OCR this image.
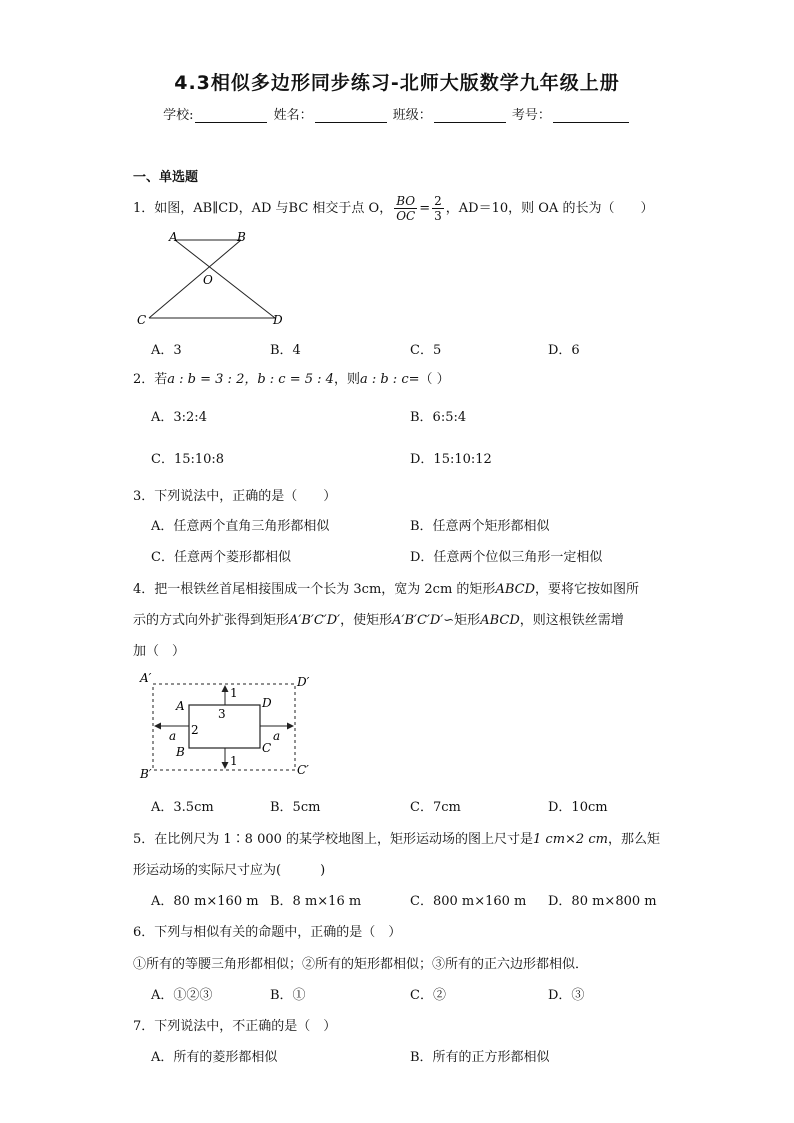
4.3相似多边形同步练习-北师大版数学九年级上册
学校:	姓名：	班级：	考号：
一、单选题
1．如图，AB∥CD，AD 与BC 相交于点 O， $\frac{BO}{OC} = \frac{2}{3}$ ，AD＝10，则 OA 的长为（　　）
A	B
O
C	D
A．3	B．4	C．5	D．6
2．若a : b = 3 : 2，b : c = 5 : 4，则a : b : c=（ ）
A．3:2:4	B．6:5:4
C．15:10:8	D．15:10:12
3．下列说法中，正确的是（　　）
A．任意两个直角三角形都相似	B．任意两个矩形都相似
C．任意两个菱形都相似	D．任意两个位似三角形一定相似
4．把一根铁丝首尾相接围成一个长为 3cm，宽为 2cm 的矩形ABCD，要将它按如图所
示的方式向外扩张得到矩形A′B′C′D′，使矩形A′B′C′D′∽矩形ABCD，则这根铁丝需增
加（　）
A′	D′
B′	C′
A	D
B	C
1
1
3
2
a	a
A．3.5cm	B．5cm	C．7cm	D．10cm
5．在比例尺为 1∶8 000 的某学校地图上，矩形运动场的图上尺寸是1 cm×2 cm，那么矩
形运动场的实际尺寸应为(　　　)
A．80 m×160 m B．8 m×16 m	C．800 m×160 m D．80 m×800 m
6．下列与相似有关的命题中，正确的是（　）
①所有的等腰三角形都相似；②所有的矩形都相似；③所有的正六边形都相似．
A．①②③	B．①	C．②	D．③
7．下列说法中，不正确的是（　）
A．所有的菱形都相似	B．所有的正方形都相似
